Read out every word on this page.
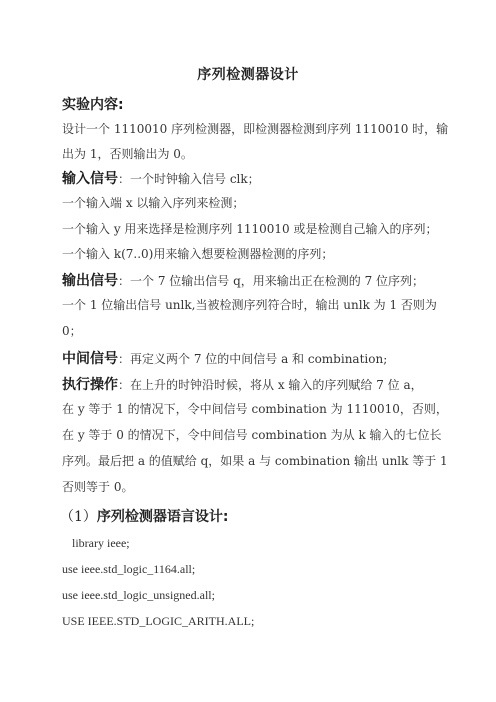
序列检测器设计
实验内容:
设计一个 1110010 序列检测器，即检测器检测到序列 1110010 时，输
出为 1，否则输出为 0。
输入信号：一个时钟输入信号 clk；
一个输入端 x 以输入序列来检测；
一个输入 y 用来选择是检测序列 1110010 或是检测自己输入的序列；
一个输入 k(7..0)用来输入想要检测器检测的序列；
输出信号：一个 7 位输出信号 q，用来输出正在检测的 7 位序列；
一个 1 位输出信号 unlk,当被检测序列符合时，输出 unlk 为 1 否则为
0；
中间信号：再定义两个 7 位的中间信号 a 和 combination;
执行操作：在上升的时钟沿时候，将从 x 输入的序列赋给 7 位 a，
在 y 等于 1 的情况下，令中间信号 combination 为 1110010，否则，
在 y 等于 0 的情况下，令中间信号 combination 为从 k 输入的七位长
序列。最后把 a 的值赋给 q，如果 a 与 combination 输出 unlk 等于 1
否则等于 0。
（1）序列检测器语言设计:
library ieee;
use ieee.std_logic_1164.all;
use ieee.std_logic_unsigned.all;
USE IEEE.STD_LOGIC_ARITH.ALL;
